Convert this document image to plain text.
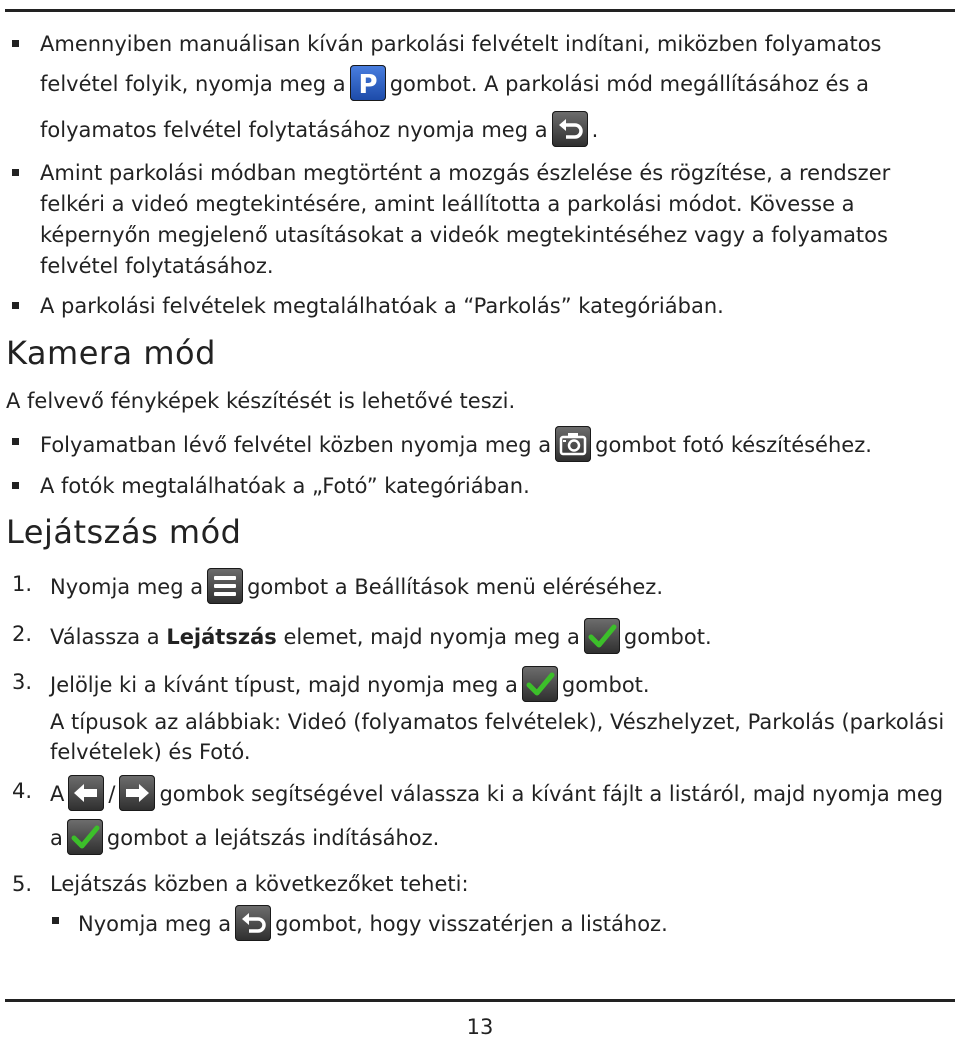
Amennyiben manuálisan kíván parkolási felvételt indítani, miközben folyamatos
felvétel folyik, nyomja meg a P gombot. A parkolási mód megállításához és a
folyamatos felvétel folytatásához nyomja meg a .
Amint parkolási módban megtörtént a mozgás észlelése és rögzítése, a rendszer
felkéri a videó megtekintésére, amint leállította a parkolási módot. Kövesse a
képernyőn megjelenő utasításokat a videók megtekintéséhez vagy a folyamatos
felvétel folytatásához.
A parkolási felvételek megtalálhatóak a “Parkolás” kategóriában.
Kamera mód
A felvevő fényképek készítését is lehetővé teszi.
Folyamatban lévő felvétel közben nyomja meg a gombot fotó készítéséhez.
A fotók megtalálhatóak a „Fotó” kategóriában.
Lejátszás mód
1. Nyomja meg a gombot a Beállítások menü eléréséhez.
2. Válassza a Lejátszás elemet, majd nyomja meg a gombot.
3. Jelölje ki a kívánt típust, majd nyomja meg a gombot.
A típusok az alábbiak: Videó (folyamatos felvételek), Vészhelyzet, Parkolás (parkolási
felvételek) és Fotó.
4. A / gombok segítségével válassza ki a kívánt fájlt a listáról, majd nyomja meg
a gombot a lejátszás indításához.
5. Lejátszás közben a következőket teheti:
Nyomja meg a gombot, hogy visszatérjen a listához.
13
